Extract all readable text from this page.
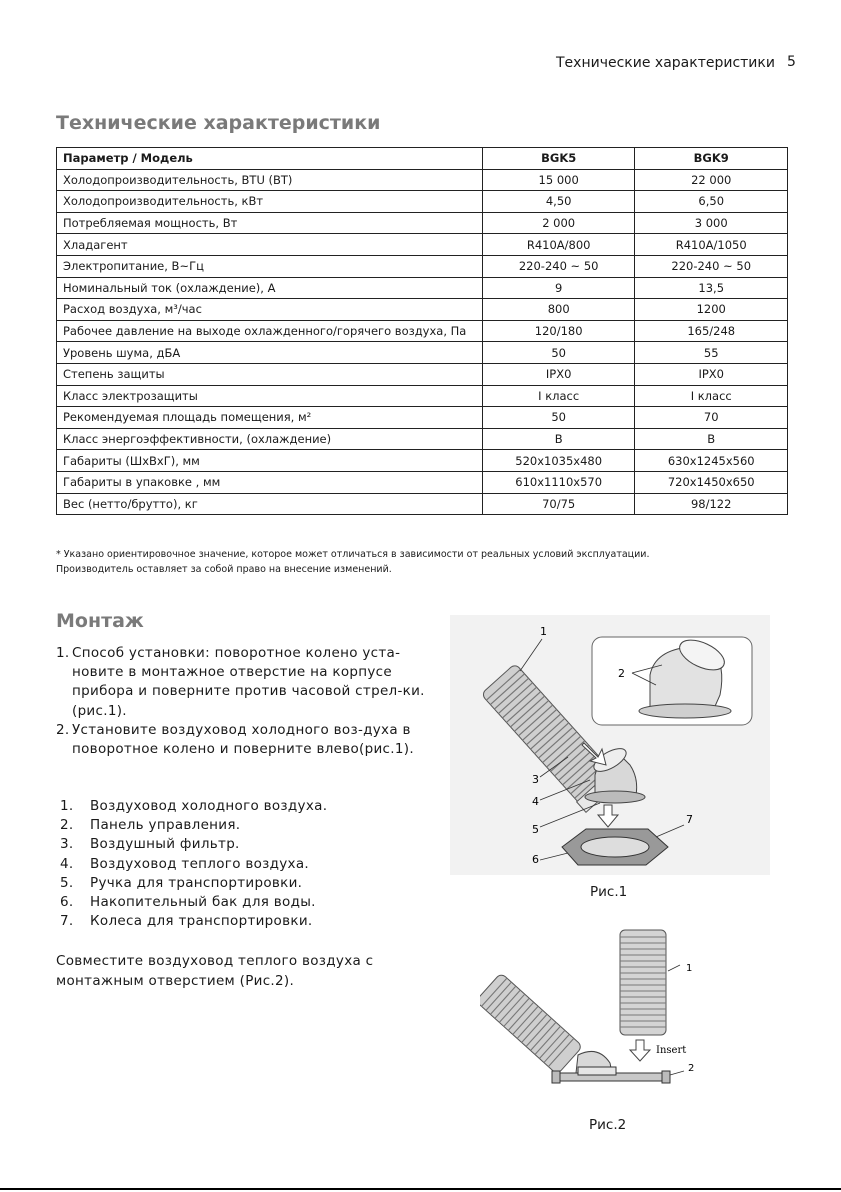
Технические характеристики 5
Технические характеристики
Параметр / Модель	BGK5	BGK9
Холодопроизводительность, BTU (ВТ)	15 000	22 000
Холодопроизводительность, кВт	4,50	6,50
Потребляемая мощность, Вт	2 000	3 000
Хладагент	R410A/800	R410A/1050
Электропитание, В~Гц	220-240 ~ 50	220-240 ~ 50
Номинальный ток (охлаждение), А	9	13,5
Расход воздуха, м³/час	800	1200
Рабочее давление на выходе охлажденного/горячего воздуха, Па	120/180	165/248
Уровень шума, дБА	50	55
Степень защиты	IPX0	IPX0
Класс электрозащиты	I класс	I класс
Рекомендуемая площадь помещения, м²	50	70
Класс энергоэффективности, (охлаждение)	B	B
Габариты (ШхВхГ), мм	520x1035x480	630x1245x560
Габариты в упаковке , мм	610x1110x570	720x1450x650
Вес (нетто/брутто), кг	70/75	98/122
* Указано ориентировочное значение, которое может отличаться в зависимости от реальных условий эксплуатации.
Производитель оставляет за собой право на внесение изменений.
Монтаж
1. Способ установки: поворотное колено уста-новите в монтажное отверстие на корпусе прибора и поверните против часовой стрел-ки. (рис.1).
2. Установите воздуховод холодного воз-духа в поворотное колено и поверните влево(рис.1).
1.	Воздуховод холодного воздуха.
2.	Панель управления.
3.	Воздушный фильтр.
4.	Воздуховод теплого воздуха.
5.	Ручка для транспортировки.
6.	Накопительный бак для воды.
7.	Колеса для транспортировки.
Совместите воздуховод теплого воздуха с монтажным отверстием (Рис.2).
1
2
3
4
5
6
7
Рис.1
Insert
1
2
Рис.2
